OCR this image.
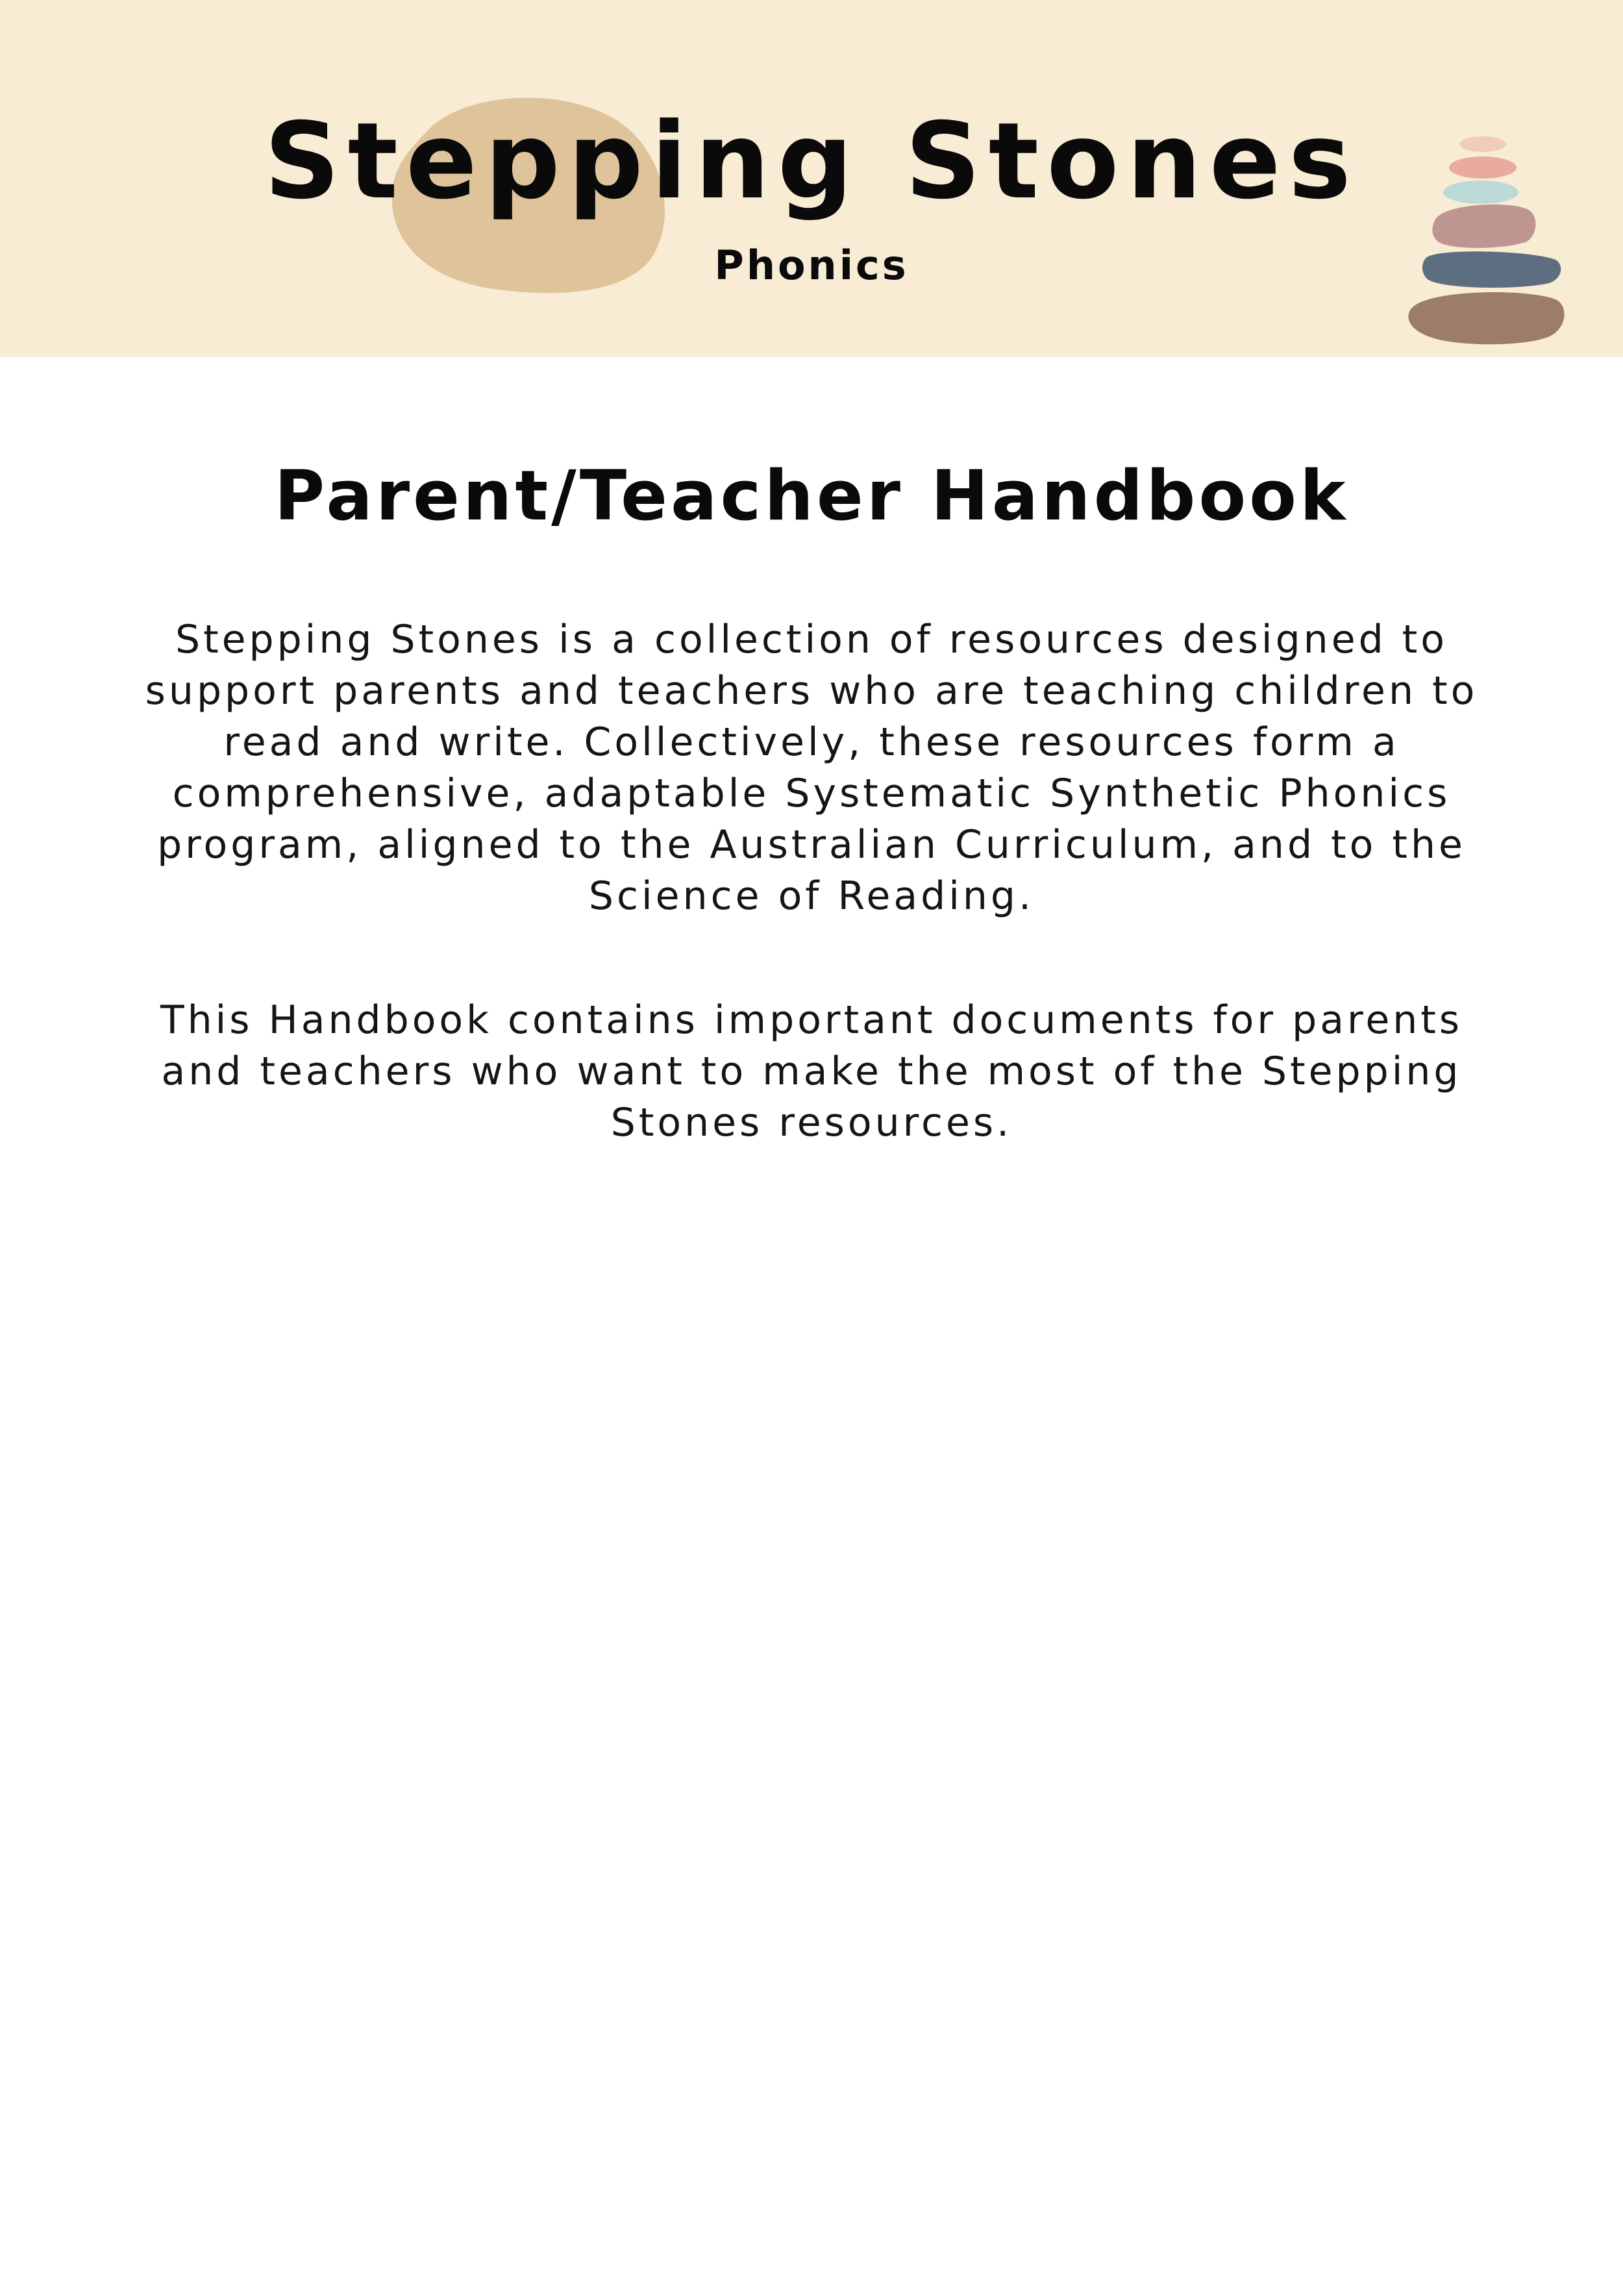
Stepping Stones
Phonics
Parent/Teacher Handbook

Stepping Stones is a collection of resources designed to support parents and teachers who are teaching children to read and write. Collectively, these resources form a comprehensive, adaptable Systematic Synthetic Phonics program, aligned to the Australian Curriculum, and to the Science of Reading.

This Handbook contains important documents for parents and teachers who want to make the most of the Stepping Stones resources.
